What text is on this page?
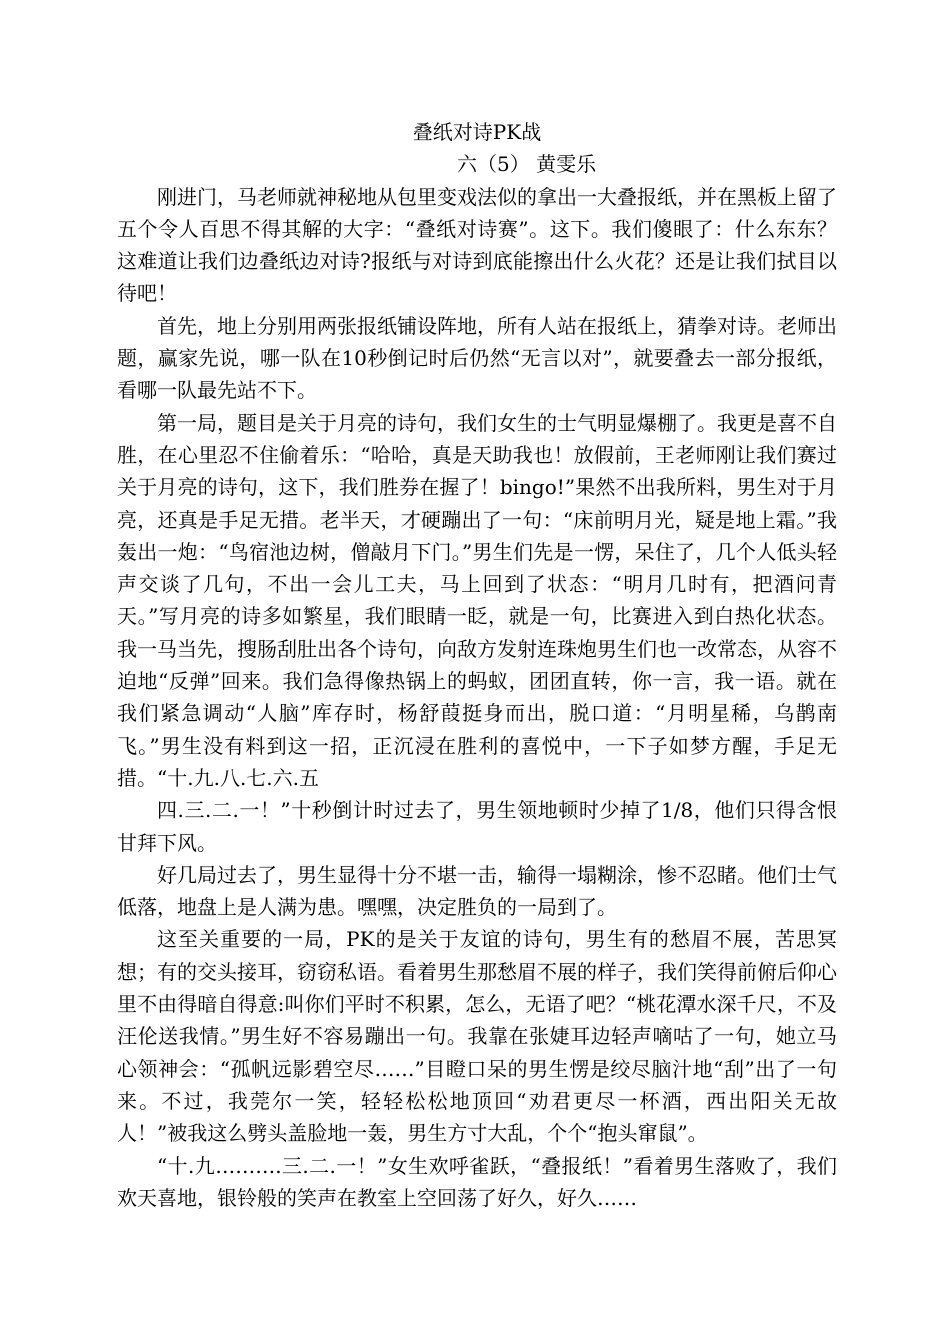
叠纸对诗PK战

六（5） 黄雯乐

刚进门，马老师就神秘地从包里变戏法似的拿出一大叠报纸，并在黑板上留了五个令人百思不得其解的大字：“叠纸对诗赛”。这下。我们傻眼了：什么东东？这难道让我们边叠纸边对诗?报纸与对诗到底能擦出什么火花？还是让我们拭目以待吧！

首先，地上分别用两张报纸铺设阵地，所有人站在报纸上，猜拳对诗。老师出题，赢家先说，哪一队在10秒倒记时后仍然“无言以对”，就要叠去一部分报纸，看哪一队最先站不下。

第一局，题目是关于月亮的诗句，我们女生的士气明显爆棚了。我更是喜不自胜，在心里忍不住偷着乐：“哈哈，真是天助我也！放假前，王老师刚让我们赛过关于月亮的诗句，这下，我们胜券在握了！bingo!”果然不出我所料，男生对于月亮，还真是手足无措。老半天，才硬蹦出了一句：“床前明月光，疑是地上霜。”我轰出一炮：“鸟宿池边树，僧敲月下门。”男生们先是一愣，呆住了，几个人低头轻声交谈了几句，不出一会儿工夫，马上回到了状态：“明月几时有，把酒问青天。”写月亮的诗多如繁星，我们眼睛一眨，就是一句，比赛进入到白热化状态。我一马当先，搜肠刮肚出各个诗句，向敌方发射连珠炮男生们也一改常态，从容不迫地“反弹”回来。我们急得像热锅上的蚂蚁，团团直转，你一言，我一语。就在我们紧急调动“人脑”库存时，杨舒葭挺身而出，脱口道：“月明星稀，乌鹊南飞。”男生没有料到这一招，正沉浸在胜利的喜悦中，一下子如梦方醒，手足无措。“十.九.八.七.六.五

四.三.二.一！”十秒倒计时过去了，男生领地顿时少掉了1/8，他们只得含恨甘拜下风。

好几局过去了，男生显得十分不堪一击，输得一塌糊涂，惨不忍睹。他们士气低落，地盘上是人满为患。嘿嘿，决定胜负的一局到了。

这至关重要的一局，PK的是关于友谊的诗句，男生有的愁眉不展，苦思冥想；有的交头接耳，窃窃私语。看着男生那愁眉不展的样子，我们笑得前俯后仰心里不由得暗自得意:叫你们平时不积累，怎么，无语了吧？“桃花潭水深千尺，不及汪伦送我情。”男生好不容易蹦出一句。我靠在张婕耳边轻声嘀咕了一句，她立马心领神会：“孤帆远影碧空尽……”目瞪口呆的男生愣是绞尽脑汁地“刮”出了一句来。不过，我莞尔一笑，轻轻松松地顶回“劝君更尽一杯酒，西出阳关无故人！”被我这么劈头盖脸地一轰，男生方寸大乱，个个“抱头窜鼠”。

“十.九……….三.二.一！”女生欢呼雀跃，“叠报纸！”看着男生落败了，我们欢天喜地，银铃般的笑声在教室上空回荡了好久，好久……
